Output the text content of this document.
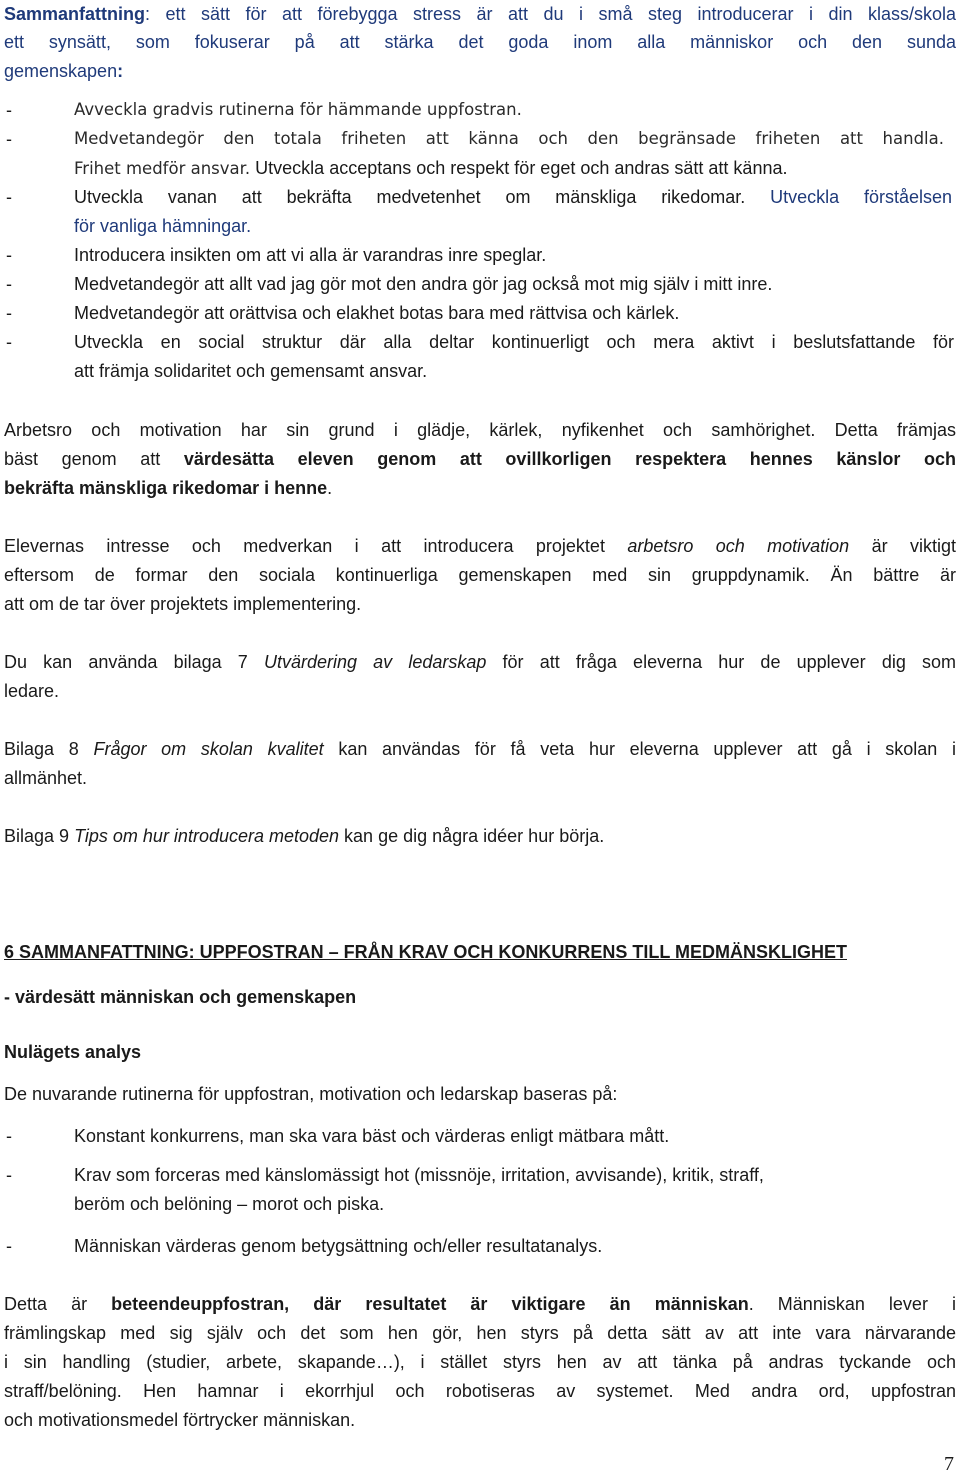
Sammanfattning: ett sätt för att förebygga stress är att du i små steg introducerar i din klass/skola
ett synsätt, som fokuserar på att stärka det goda inom alla människor och den sunda
gemenskapen:
-	Avveckla gradvis rutinerna för hämmande uppfostran.
-	Medvetandegör den totala friheten att känna och den begränsade friheten att handla.
Frihet medför ansvar. Utveckla acceptans och respekt för eget och andras sätt att känna.
-	Utveckla vanan att bekräfta medvetenhet om mänskliga rikedomar. Utveckla förståelsen
för vanliga hämningar.
-	Introducera insikten om att vi alla är varandras inre speglar.
-	Medvetandegör att allt vad jag gör mot den andra gör jag också mot mig själv i mitt inre.
-	Medvetandegör att orättvisa och elakhet botas bara med rättvisa och kärlek.
-	Utveckla en social struktur där alla deltar kontinuerligt och mera aktivt i beslutsfattande för
att främja solidaritet och gemensamt ansvar.
Arbetsro och motivation har sin grund i glädje, kärlek, nyfikenhet och samhörighet. Detta främjas
bäst genom att värdesätta eleven genom att ovillkorligen respektera hennes känslor och
bekräfta mänskliga rikedomar i henne.
Elevernas intresse och medverkan i att introducera projektet arbetsro och motivation är viktigt
eftersom de formar den sociala kontinuerliga gemenskapen med sin gruppdynamik. Än bättre är
att om de tar över projektets implementering.
Du kan använda bilaga 7 Utvärdering av ledarskap för att fråga eleverna hur de upplever dig som
ledare.
Bilaga 8 Frågor om skolan kvalitet kan användas för få veta hur eleverna upplever att gå i skolan i
allmänhet.
Bilaga 9 Tips om hur introducera metoden kan ge dig några idéer hur börja.
6 SAMMANFATTNING: UPPFOSTRAN – FRÅN KRAV OCH KONKURRENS TILL MEDMÄNSKLIGHET
- värdesätt människan och gemenskapen
Nulägets analys
De nuvarande rutinerna för uppfostran, motivation och ledarskap baseras på:
-	Konstant konkurrens, man ska vara bäst och värderas enligt mätbara mått.
-	Krav som forceras med känslomässigt hot (missnöje, irritation, avvisande), kritik, straff,
beröm och belöning – morot och piska.
-	Människan värderas genom betygsättning och/eller resultatanalys.
Detta är beteendeuppfostran, där resultatet är viktigare än människan. Människan lever i
främlingskap med sig själv och det som hen gör, hen styrs på detta sätt av att inte vara närvarande
i sin handling (studier, arbete, skapande…), i stället styrs hen av att tänka på andras tyckande och
straff/belöning. Hen hamnar i ekorrhjul och robotiseras av systemet. Med andra ord, uppfostran
och motivationsmedel förtrycker människan.
7
